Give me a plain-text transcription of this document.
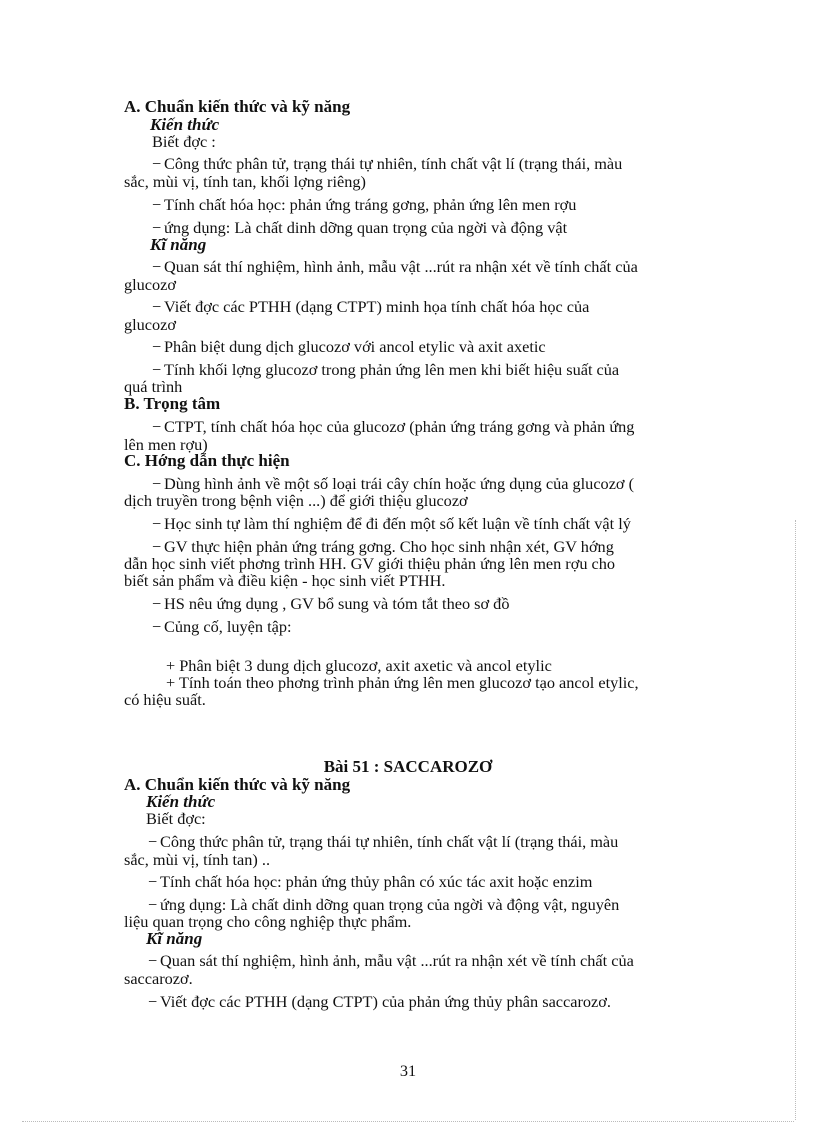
A. Chuẩn kiến thức và kỹ năng
Kiến thức
Biết đợc :
− Công thức phân tử, trạng thái tự nhiên, tính chất vật lí (trạng thái, màu
sắc, mùi vị, tính tan, khối lợng riêng)
− Tính chất hóa học: phản ứng tráng gơng, phản ứng lên men rợu
− ứng dụng: Là chất dinh dỡng quan trọng của ngời và động vật
Kĩ năng
− Quan sát thí nghiệm, hình ảnh, mẫu vật ...rút ra nhận xét về tính chất của
glucozơ
− Viết đợc các PTHH (dạng CTPT) minh họa tính chất hóa học của
glucozơ
− Phân biệt dung dịch glucozơ với ancol etylic và axit axetic
− Tính khối lợng glucozơ trong phản ứng lên men khi biết hiệu suất của
quá trình
B. Trọng tâm
− CTPT, tính chất hóa học của glucozơ (phản ứng tráng gơng và phản ứng
lên men rợu)
C. Hớng dẫn thực hiện
− Dùng hình ảnh về một số loại trái cây chín hoặc ứng dụng của glucozơ (
dịch truyền trong bệnh viện ...) để giới thiệu glucozơ
− Học sinh tự làm thí nghiệm để đi đến một số kết luận về tính chất vật lý
− GV thực hiện phản ứng tráng gơng. Cho học sinh nhận xét, GV hớng
dẫn học sinh viết phơng trình HH. GV giới thiệu phản ứng lên men rợu cho
biết sản phẩm và điều kiện - học sinh viết PTHH.
− HS nêu ứng dụng , GV bổ sung và tóm tắt theo sơ đồ
− Củng cố, luyện tập:
+ Phân biệt 3 dung dịch glucozơ, axit axetic và ancol etylic
+ Tính toán theo phơng trình phản ứng lên men glucozơ tạo ancol etylic,
có hiệu suất.
Bài 51 : SACCAROZƠ
A. Chuẩn kiến thức và kỹ năng
Kiến thức
Biết đợc:
− Công thức phân tử, trạng thái tự nhiên, tính chất vật lí (trạng thái, màu
sắc, mùi vị, tính tan) ..
− Tính chất hóa học: phản ứng thủy phân có xúc tác axit hoặc enzim
− ứng dụng: Là chất dinh dỡng quan trọng của ngời và động vật, nguyên
liệu quan trọng cho công nghiệp thực phẩm.
Kĩ năng
− Quan sát thí nghiệm, hình ảnh, mẫu vật ...rút ra nhận xét về tính chất của
saccarozơ.
− Viết đợc các PTHH (dạng CTPT) của phản ứng thủy phân saccarozơ.
31
